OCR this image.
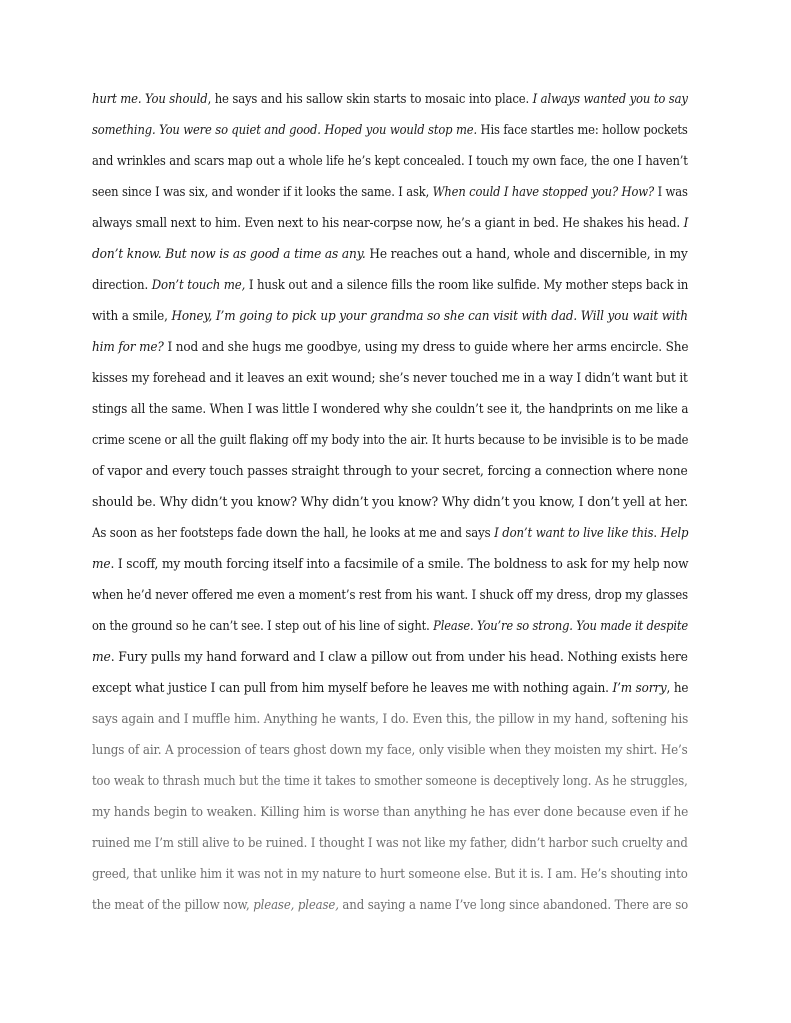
hurt me. You should, he says and his sallow skin starts to mosaic into place. I always wanted you to say
something. You were so quiet and good. Hoped you would stop me. His face startles me: hollow pockets
and wrinkles and scars map out a whole life he’s kept concealed. I touch my own face, the one I haven’t
seen since I was six, and wonder if it looks the same. I ask, When could I have stopped you? How? I was
always small next to him. Even next to his near-corpse now, he’s a giant in bed. He shakes his head. I
don’t know. But now is as good a time as any. He reaches out a hand, whole and discernible, in my
direction. Don’t touch me, I husk out and a silence fills the room like sulfide. My mother steps back in
with a smile, Honey, I’m going to pick up your grandma so she can visit with dad. Will you wait with
him for me? I nod and she hugs me goodbye, using my dress to guide where her arms encircle. She
kisses my forehead and it leaves an exit wound; she’s never touched me in a way I didn’t want but it
stings all the same. When I was little I wondered why she couldn’t see it, the handprints on me like a
crime scene or all the guilt flaking off my body into the air. It hurts because to be invisible is to be made
of vapor and every touch passes straight through to your secret, forcing a connection where none
should be. Why didn’t you know? Why didn’t you know? Why didn’t you know, I don’t yell at her.
As soon as her footsteps fade down the hall, he looks at me and says I don’t want to live like this. Help
me. I scoff, my mouth forcing itself into a facsimile of a smile. The boldness to ask for my help now
when he’d never offered me even a moment’s rest from his want. I shuck off my dress, drop my glasses
on the ground so he can’t see. I step out of his line of sight. Please. You’re so strong. You made it despite
me. Fury pulls my hand forward and I claw a pillow out from under his head. Nothing exists here
except what justice I can pull from him myself before he leaves me with nothing again. I’m sorry, he
says again and I muffle him. Anything he wants, I do. Even this, the pillow in my hand, softening his
lungs of air. A procession of tears ghost down my face, only visible when they moisten my shirt. He’s
too weak to thrash much but the time it takes to smother someone is deceptively long. As he struggles,
my hands begin to weaken. Killing him is worse than anything he has ever done because even if he
ruined me I’m still alive to be ruined. I thought I was not like my father, didn’t harbor such cruelty and
greed, that unlike him it was not in my nature to hurt someone else. But it is. I am. He’s shouting into
the meat of the pillow now, please, please, and saying a name I’ve long since abandoned. There are so
